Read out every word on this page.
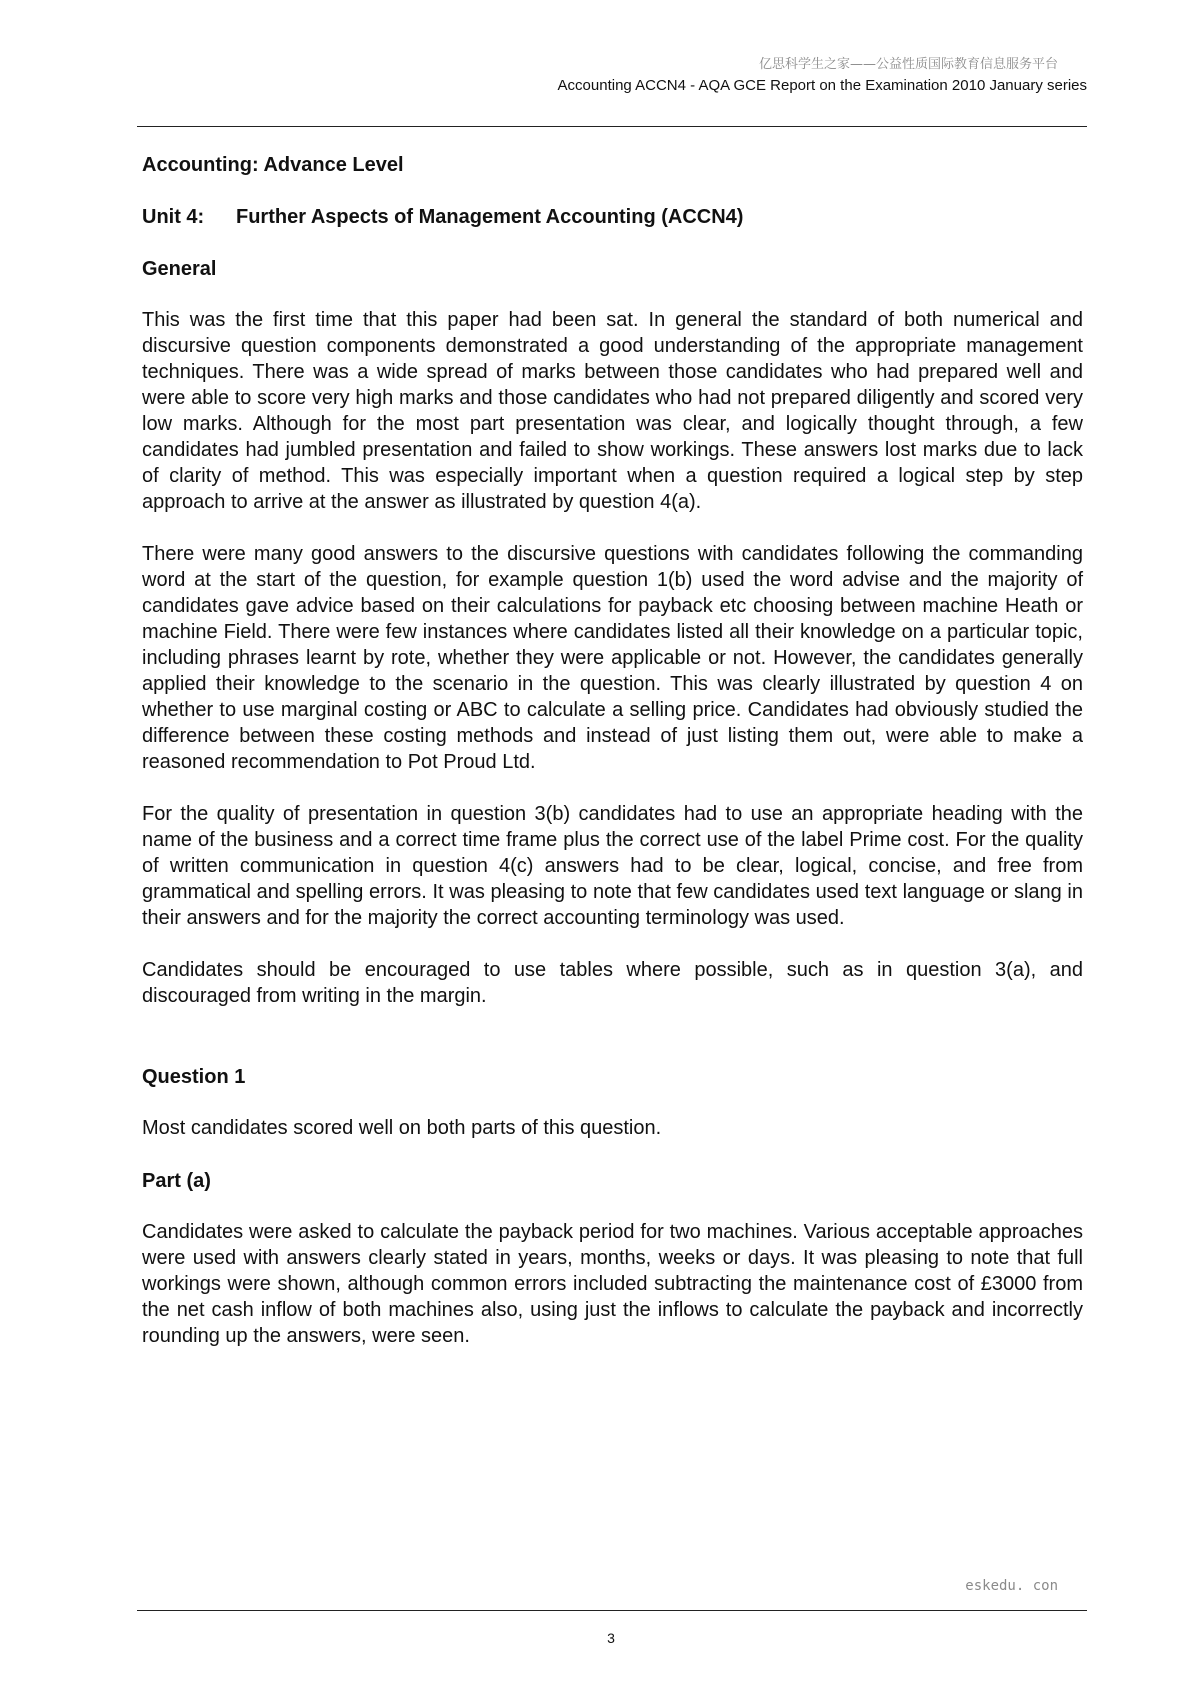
亿思科学生之家——公益性质国际教育信息服务平台
Accounting ACCN4 - AQA GCE Report on the Examination 2010 January series
Accounting: Advance Level
Unit 4:	Further Aspects of Management Accounting (ACCN4)
General

This was the first time that this paper had been sat. In general the standard of both numerical and discursive question components demonstrated a good understanding of the appropriate management techniques. There was a wide spread of marks between those candidates who had prepared well and were able to score very high marks and those candidates who had not prepared diligently and scored very low marks. Although for the most part presentation was clear, and logically thought through, a few candidates had jumbled presentation and failed to show workings. These answers lost marks due to lack of clarity of method. This was especially important when a question required a logical step by step approach to arrive at the answer as illustrated by question 4(a).

There were many good answers to the discursive questions with candidates following the commanding word at the start of the question, for example question 1(b) used the word advise and the majority of candidates gave advice based on their calculations for payback etc choosing between machine Heath or machine Field. There were few instances where candidates listed all their knowledge on a particular topic, including phrases learnt by rote, whether they were applicable or not. However, the candidates generally applied their knowledge to the scenario in the question. This was clearly illustrated by question 4 on whether to use marginal costing or ABC to calculate a selling price. Candidates had obviously studied the difference between these costing methods and instead of just listing them out, were able to make a reasoned recommendation to Pot Proud Ltd.

For the quality of presentation in question 3(b) candidates had to use an appropriate heading with the name of the business and a correct time frame plus the correct use of the label Prime cost. For the quality of written communication in question 4(c) answers had to be clear, logical, concise, and free from grammatical and spelling errors. It was pleasing to note that few candidates used text language or slang in their answers and for the majority the correct accounting terminology was used.

Candidates should be encouraged to use tables where possible, such as in question 3(a), and discouraged from writing in the margin.

Question 1

Most candidates scored well on both parts of this question.

Part (a)

Candidates were asked to calculate the payback period for two machines. Various acceptable approaches were used with answers clearly stated in years, months, weeks or days. It was pleasing to note that full workings were shown, although common errors included subtracting the maintenance cost of £3000 from the net cash inflow of both machines also, using just the inflows to calculate the payback and incorrectly rounding up the answers, were seen.

eskedu. con
3
